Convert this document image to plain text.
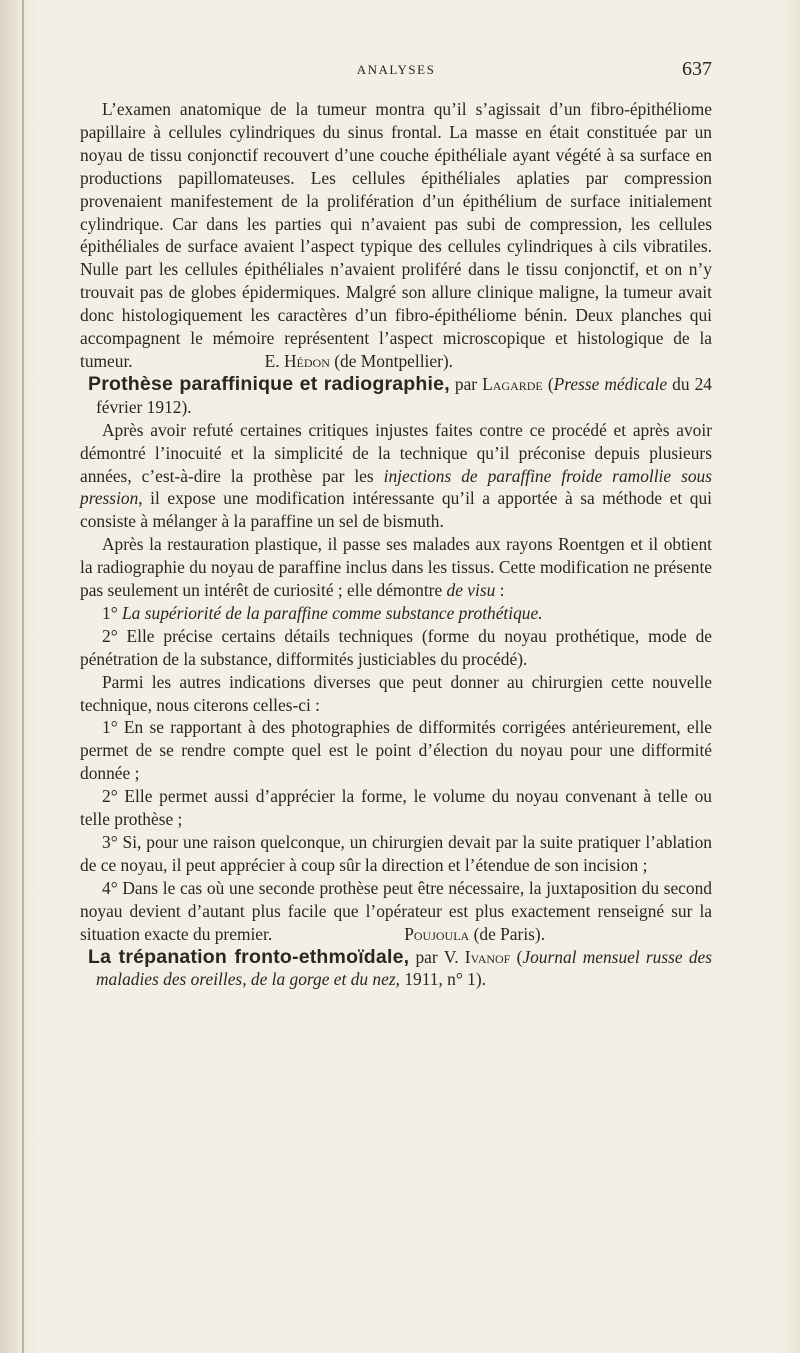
ANALYSES	637

L’examen anatomique de la tumeur montra qu’il s’agissait d’un fibro-épithéliome papillaire à cellules cylindriques du sinus frontal. La masse en était constituée par un noyau de tissu conjonctif recouvert d’une couche épithéliale ayant végété à sa surface en productions papillomateuses. Les cellules épithéliales aplaties par compression provenaient manifestement de la prolifération d’un épithélium de surface initialement cylindrique. Car dans les parties qui n’avaient pas subi de compression, les cellules épithéliales de surface avaient l’aspect typique des cellules cylindriques à cils vibratiles. Nulle part les cellules épithéliales n’avaient proliféré dans le tissu conjonctif, et on n’y trouvait pas de globes épidermiques. Malgré son allure clinique maligne, la tumeur avait donc histologiquement les caractères d’un fibro-épithéliome bénin. Deux planches qui accompagnent le mémoire représentent l’aspect microscopique et histologique de la tumeur.	E. Hédon (de Montpellier).

Prothèse paraffinique et radiographie, par Lagarde (Presse médicale du 24 février 1912).

Après avoir refuté certaines critiques injustes faites contre ce procédé et après avoir démontré l’inocuité et la simplicité de la technique qu’il préconise depuis plusieurs années, c’est-à-dire la prothèse par les injections de paraffine froide ramollie sous pression, il expose une modification intéressante qu’il a apportée à sa méthode et qui consiste à mélanger à la paraffine un sel de bismuth.

Après la restauration plastique, il passe ses malades aux rayons Roentgen et il obtient la radiographie du noyau de paraffine inclus dans les tissus. Cette modification ne présente pas seulement un intérêt de curiosité ; elle démontre de visu :

1° La supériorité de la paraffine comme substance prothétique.

2° Elle précise certains détails techniques (forme du noyau prothétique, mode de pénétration de la substance, difformités justiciables du procédé).

Parmi les autres indications diverses que peut donner au chirurgien cette nouvelle technique, nous citerons celles-ci :

1° En se rapportant à des photographies de difformités corrigées antérieurement, elle permet de se rendre compte quel est le point d’élection du noyau pour une difformité donnée ;

2° Elle permet aussi d’apprécier la forme, le volume du noyau convenant à telle ou telle prothèse ;

3° Si, pour une raison quelconque, un chirurgien devait par la suite pratiquer l’ablation de ce noyau, il peut apprécier à coup sûr la direction et l’étendue de son incision ;

4° Dans le cas où une seconde prothèse peut être nécessaire, la juxtaposition du second noyau devient d’autant plus facile que l’opérateur est plus exactement renseigné sur la situation exacte du premier.	Poujoula (de Paris).

La trépanation fronto-ethmoïdale, par V. Ivanof (Journal mensuel russe des maladies des oreilles, de la gorge et du nez, 1911, n° 1).
